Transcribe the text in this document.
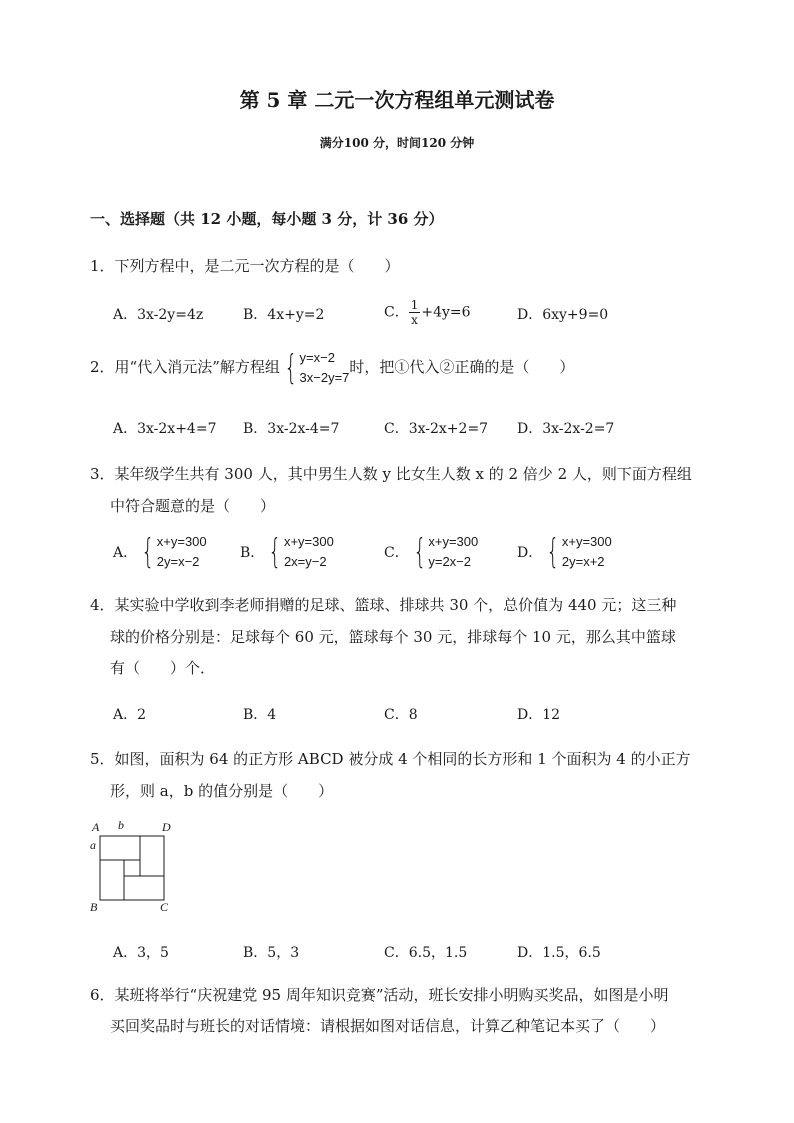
第 5 章 二元一次方程组单元测试卷
满分100 分，时间120 分钟
一、选择题（共 12 小题，每小题 3 分，计 36 分）
1．下列方程中，是二元一次方程的是（　　）
A．3x-2y=4z	B．4x+y=2	C． $\frac{1}{x} +4y=6$	D．6xy+9=0
2．用“代入消元法”解方程组 { y=x−2
3x−2y=7
时，把①代入②正确的是（　　）
A．3x-2x+4=7 B．3x-2x-4=7	C．3x-2x+2=7 D．3x-2x-2=7
3．某年级学生共有 300 人，其中男生人数 y 比女生人数 x 的 2 倍少 2 人，则下面方程组
中符合题意的是（　　）
A． { x+y=300
2y=x−2
B． { x+y=300
2x=y−2
C． { x+y=300
y=2x−2
D． { x+y=300
2y=x+2
4．某实验中学收到李老师捐赠的足球、篮球、排球共 30 个，总价值为 440 元；这三种
球的价格分别是：足球每个 60 元，篮球每个 30 元，排球每个 10 元，那么其中篮球
有（　　）个．
A．2	B．4	C．8	D．12
5．如图，面积为 64 的正方形 ABCD 被分成 4 个相同的长方形和 1 个面积为 4 的小正方
形，则 a，b 的值分别是（　　）
A b	D
a
B	C
A．3，5	B．5，3	C．6.5，1.5	D．1.5，6.5
6．某班将举行“庆祝建党 95 周年知识竞赛”活动，班长安排小明购买奖品，如图是小明
买回奖品时与班长的对话情境：请根据如图对话信息，计算乙种笔记本买了（　　）
